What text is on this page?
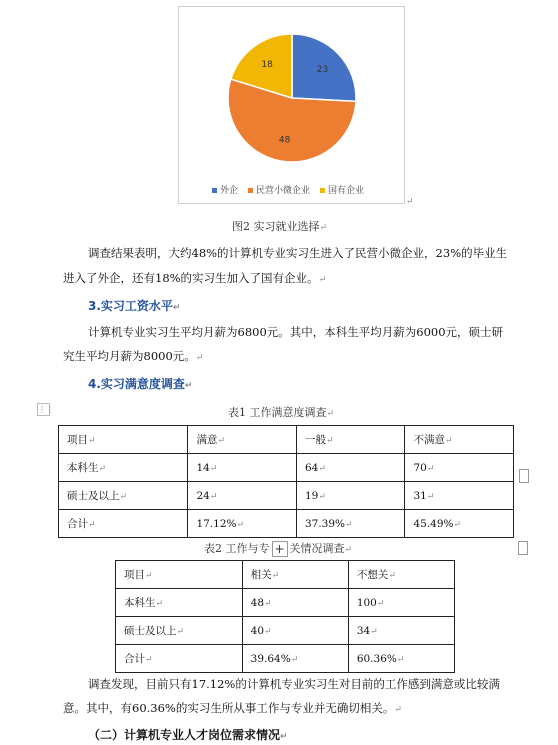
23
48
18
外企	民营小微企业	国有企业
↵
图2 实习就业选择↵
调查结果表明，大约48%的计算机专业实习生进入了民营小微企业，23%的毕业生
进入了外企，还有18%的实习生加入了国有企业。↵
3.实习工资水平↵
计算机专业实习生平均月薪为6800元。其中，本科生平均月薪为6000元，硕士研
究生平均月薪为8000元。↵
4.实习满意度调查↵
⋮⋮	表1 工作满意度调查↵
项目↵	满意↵	一般↵	不满意↵
本科生↵	14↵	64↵	70↵
硕士及以上↵	24↵	19↵	31↵
合计↵	17.12%↵	37.39%↵	45.49%↵
表2 工作与专 + 关情况调查↵
项目↵	相关↵	不想关↵
本科生↵	48↵	100↵
硕士及以上↵	40↵	34↵
合计↵	39.64%↵	60.36%↵
调查发现，目前只有17.12%的计算机专业实习生对目前的工作感到满意或比较满
意。其中，有60.36%的实习生所从事工作与专业并无确切相关。↵
（二）计算机专业人才岗位需求情况↵
